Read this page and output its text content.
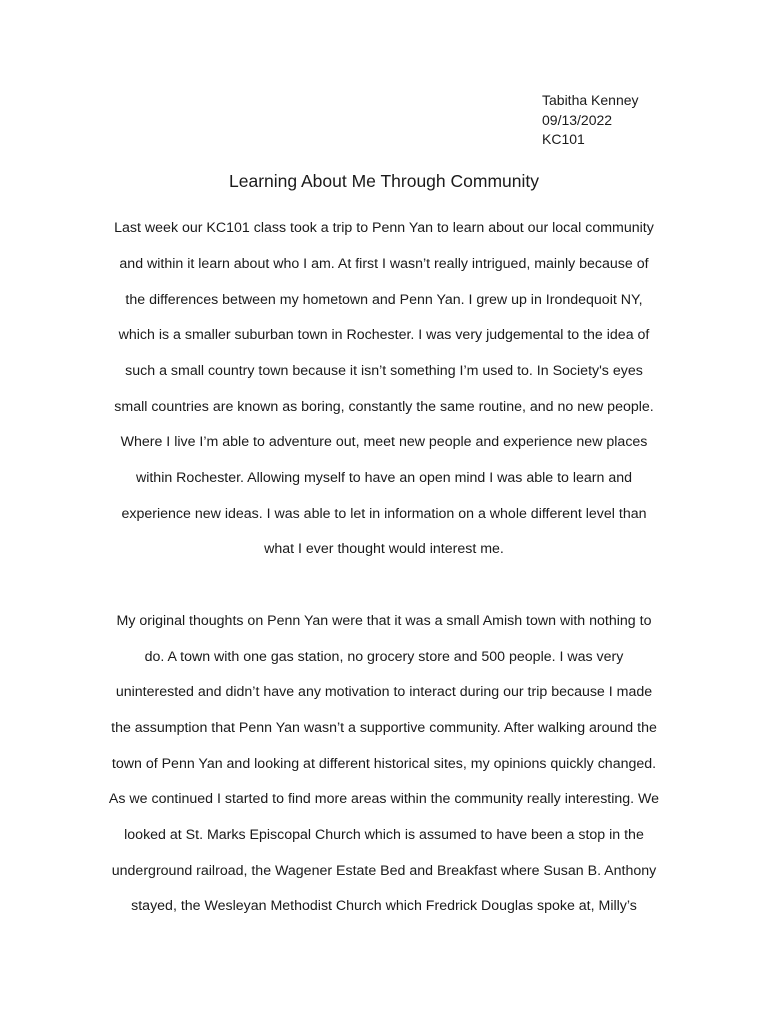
Tabitha Kenney
09/13/2022
KC101
Learning About Me Through Community
Last week our KC101 class took a trip to Penn Yan to learn about our local community
and within it learn about who I am. At first I wasn’t really intrigued, mainly because of
the differences between my hometown and Penn Yan. I grew up in Irondequoit NY,
which is a smaller suburban town in Rochester. I was very judgemental to the idea of
such a small country town because it isn’t something I’m used to. In Society's eyes
small countries are known as boring, constantly the same routine, and no new people.
Where I live I’m able to adventure out, meet new people and experience new places
within Rochester. Allowing myself to have an open mind I was able to learn and
experience new ideas. I was able to let in information on a whole different level than
what I ever thought would interest me.
My original thoughts on Penn Yan were that it was a small Amish town with nothing to
do. A town with one gas station, no grocery store and 500 people. I was very
uninterested and didn’t have any motivation to interact during our trip because I made
the assumption that Penn Yan wasn’t a supportive community. After walking around the
town of Penn Yan and looking at different historical sites, my opinions quickly changed.
As we continued I started to find more areas within the community really interesting. We
looked at St. Marks Episcopal Church which is assumed to have been a stop in the
underground railroad, the Wagener Estate Bed and Breakfast where Susan B. Anthony
stayed, the Wesleyan Methodist Church which Fredrick Douglas spoke at, Milly’s
